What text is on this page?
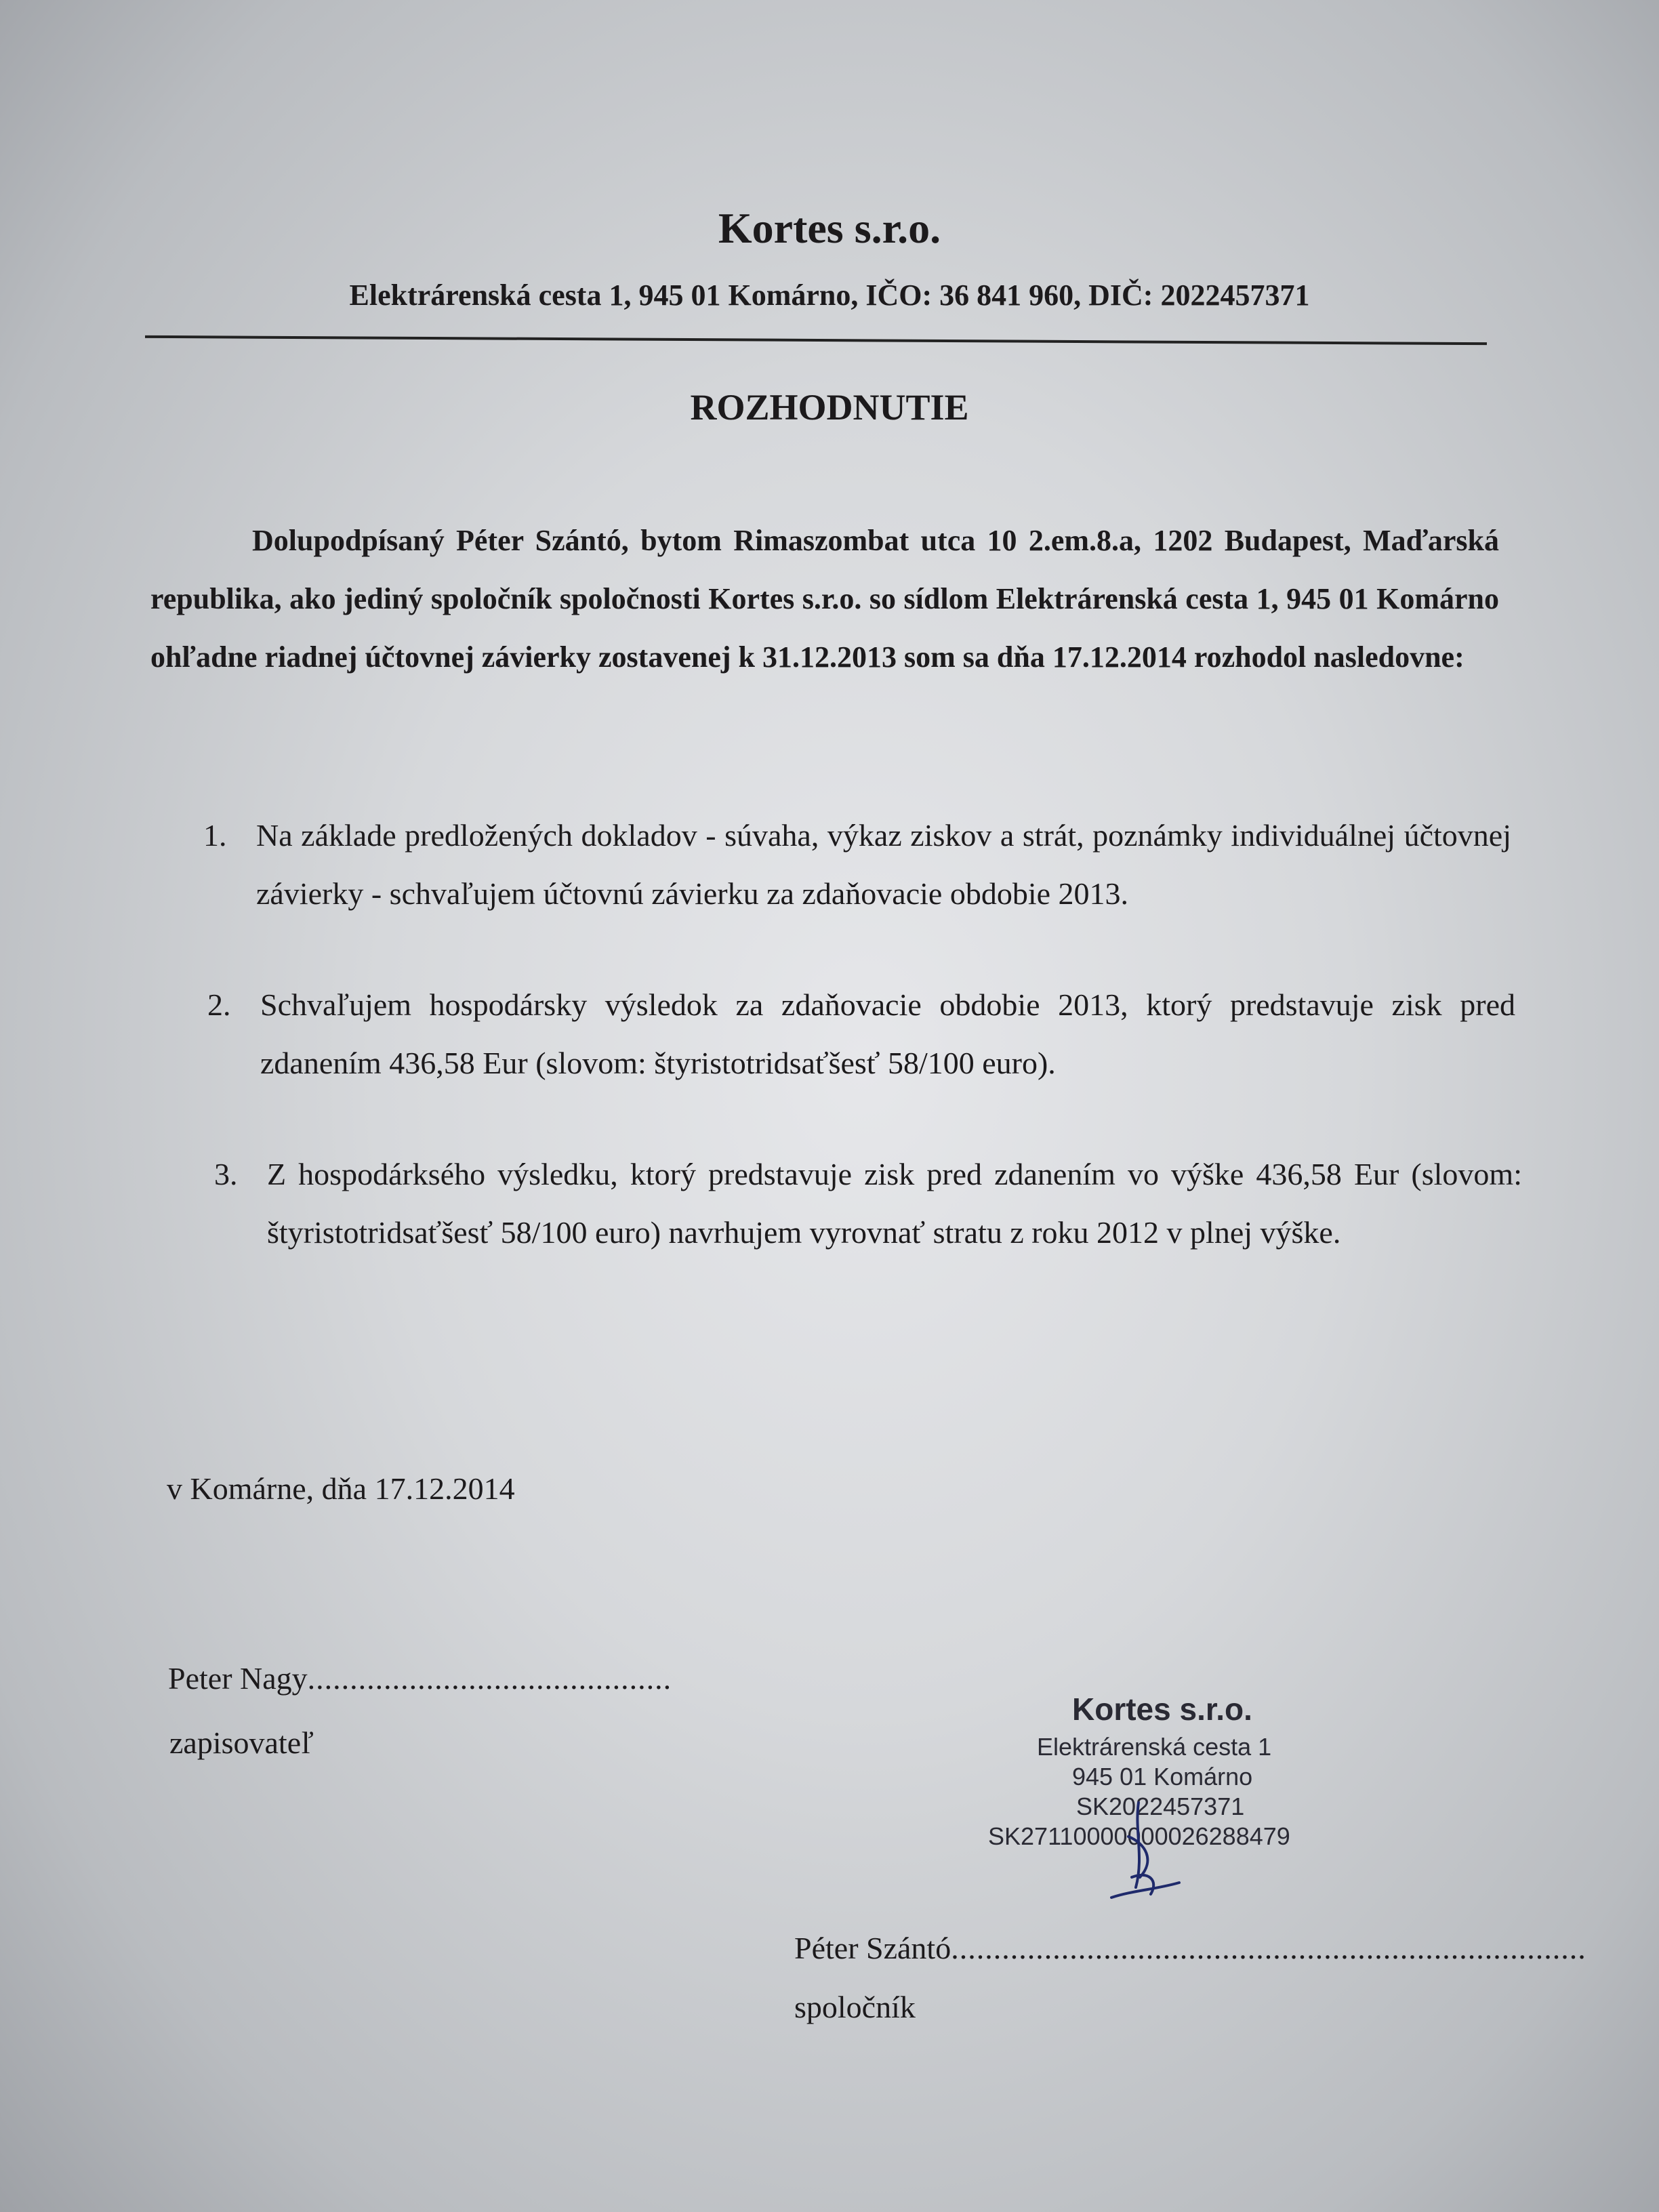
Kortes s.r.o.
Elektrárenská cesta 1, 945 01 Komárno, IČO: 36 841 960, DIČ: 2022457371
ROZHODNUTIE
Dolupodpísaný Péter Szántó, bytom Rimaszombat utca 10 2.em.8.a, 1202 Budapest, Maďarská republika, ako jediný spoločník spoločnosti Kortes s.r.o. so sídlom Elektrárenská cesta 1, 945 01 Komárno ohľadne riadnej účtovnej závierky zostavenej k 31.12.2013 som sa dňa 17.12.2014 rozhodol nasledovne:
1. Na základe predložených dokladov - súvaha, výkaz ziskov a strát, poznámky individuálnej účtovnej závierky - schvaľujem účtovnú závierku za zdaňovacie obdobie 2013.
2. Schvaľujem hospodársky výsledok za zdaňovacie obdobie 2013, ktorý predstavuje zisk pred zdanením 436,58 Eur (slovom: štyristotridsaťšesť 58/100 euro).
3. Z hospodárksého výsledku, ktorý predstavuje zisk pred zdanením vo výške 436,58 Eur (slovom: štyristotridsaťšesť 58/100 euro) navrhujem vyrovnať stratu z roku 2012 v plnej výške.
v Komárne, dňa 17.12.2014
Peter Nagy...........................................
zapisovateľ
Kortes s.r.o.
Elektrárenská cesta 1
945 01 Komárno
SK2022457371
SK27110000000026288479
Péter Szántó...........................................................................
spoločník
